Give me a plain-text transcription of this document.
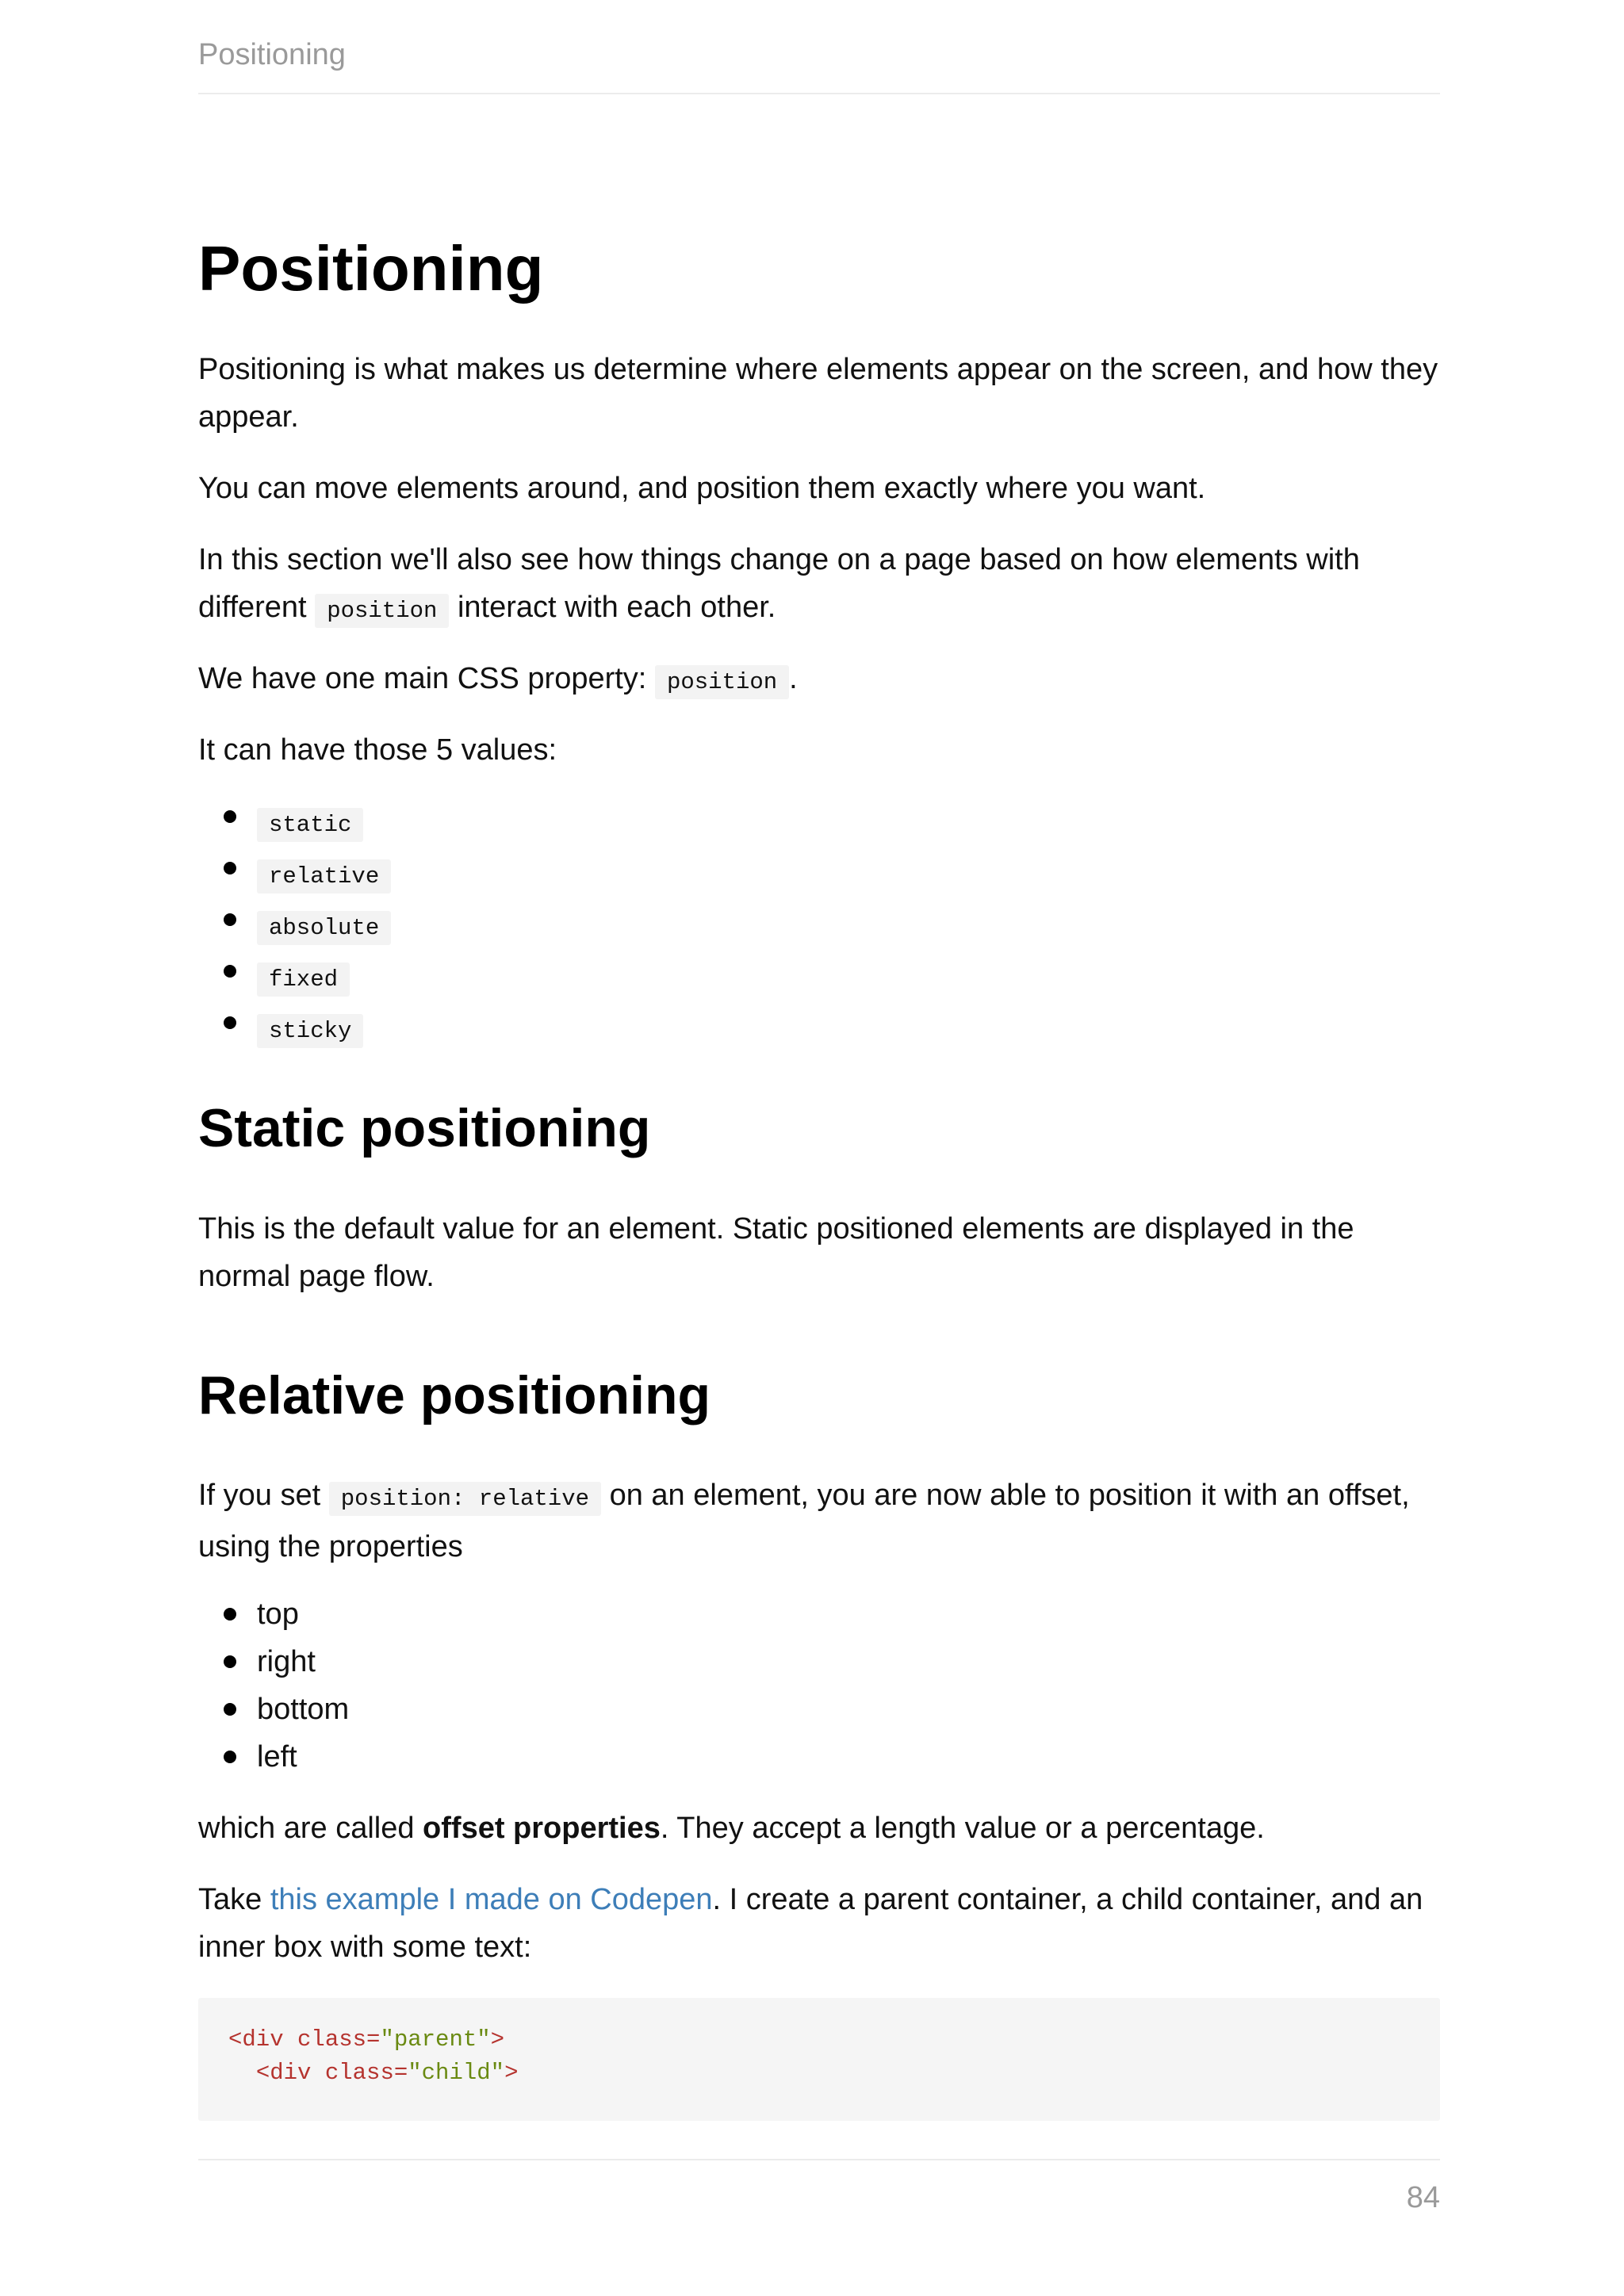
Positioning
Positioning

Positioning is what makes us determine where elements appear on the screen, and how they appear.

You can move elements around, and position them exactly where you want.

In this section we'll also see how things change on a page based on how elements with different position interact with each other.

We have one main CSS property: position .

It can have those 5 values:

static
relative
absolute
fixed
sticky
Static positioning

This is the default value for an element. Static positioned elements are displayed in the normal page flow.

Relative positioning

If you set position: relative on an element, you are now able to position it with an offset, using the properties

top
right
bottom
left

which are called offset properties. They accept a length value or a percentage.

Take this example I made on Codepen. I create a parent container, a child container, and an inner box with some text:

<div class="parent">
<div class="child">
84
